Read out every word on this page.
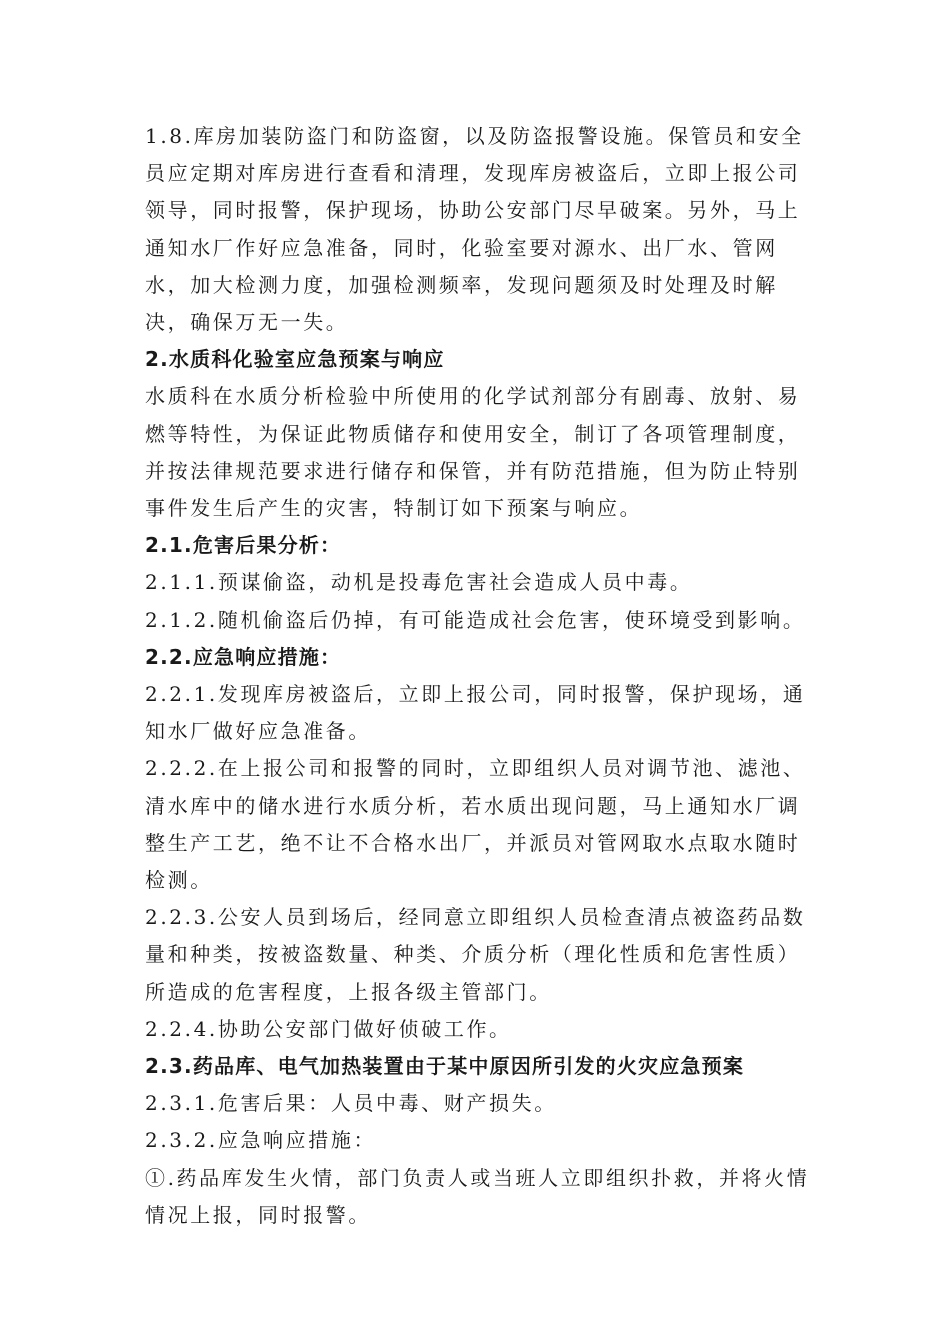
1.8.库房加装防盗门和防盗窗，以及防盗报警设施。保管员和安全员应定期对库房进行查看和清理，发现库房被盗后，立即上报公司领导，同时报警，保护现场，协助公安部门尽早破案。另外，马上通知水厂作好应急准备，同时，化验室要对源水、出厂水、管网水，加大检测力度，加强检测频率，发现问题须及时处理及时解决，确保万无一失。

2.水质科化验室应急预案与响应

水质科在水质分析检验中所使用的化学试剂部分有剧毒、放射、易燃等特性，为保证此物质储存和使用安全，制订了各项管理制度，并按法律规范要求进行储存和保管，并有防范措施，但为防止特别事件发生后产生的灾害，特制订如下预案与响应。

2.1.危害后果分析：

2.1.1.预谋偷盗，动机是投毒危害社会造成人员中毒。

2.1.2.随机偷盗后仍掉，有可能造成社会危害，使环境受到影响。

2.2.应急响应措施：

2.2.1.发现库房被盗后，立即上报公司，同时报警，保护现场，通知水厂做好应急准备。

2.2.2.在上报公司和报警的同时，立即组织人员对调节池、滤池、清水库中的储水进行水质分析，若水质出现问题，马上通知水厂调整生产工艺，绝不让不合格水出厂，并派员对管网取水点取水随时检测。

2.2.3.公安人员到场后，经同意立即组织人员检查清点被盗药品数量和种类，按被盗数量、种类、介质分析（理化性质和危害性质）所造成的危害程度，上报各级主管部门。

2.2.4.协助公安部门做好侦破工作。

2.3.药品库、电气加热装置由于某中原因所引发的火灾应急预案

2.3.1.危害后果：人员中毒、财产损失。

2.3.2.应急响应措施：

①.药品库发生火情，部门负责人或当班人立即组织扑救，并将火情情况上报，同时报警。
